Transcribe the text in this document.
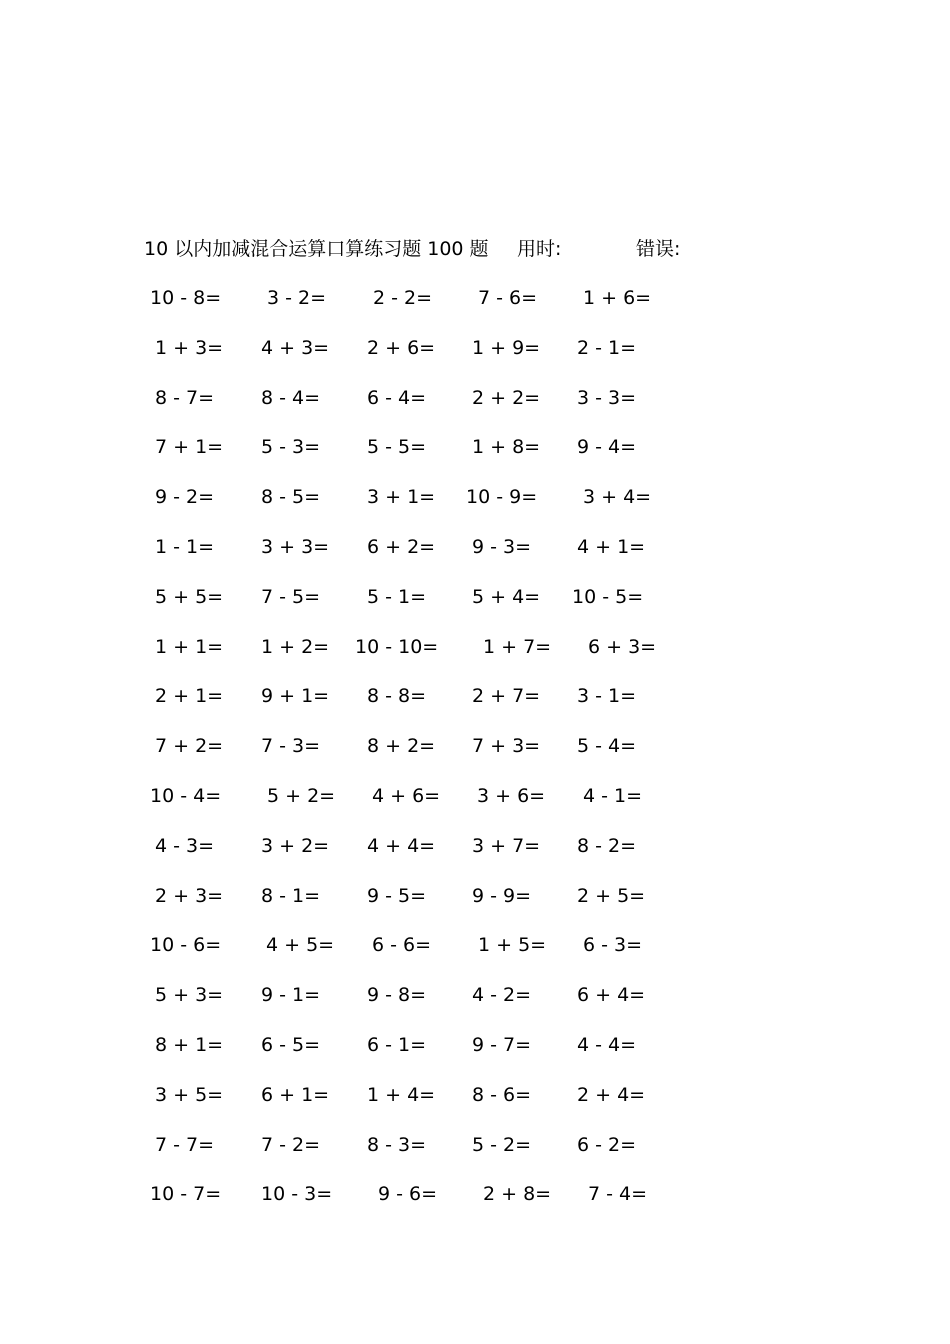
10 以内加减混合运算口算练习题 100 题 用时:	错误:
10 - 8= 3 - 2= 2 - 2= 7 - 6= 1 + 6=
1 + 3= 4 + 3= 2 + 6= 1 + 9= 2 - 1=
8 - 7= 8 - 4= 6 - 4= 2 + 2= 3 - 3=
7 + 1= 5 - 3= 5 - 5= 1 + 8= 9 - 4=
9 - 2= 8 - 5= 3 + 1= 10 - 9= 3 + 4=
1 - 1= 3 + 3= 6 + 2= 9 - 3= 4 + 1=
5 + 5= 7 - 5= 5 - 1= 5 + 4= 10 - 5=
1 + 1= 1 + 2= 10 - 10= 1 + 7= 6 + 3=
2 + 1= 9 + 1= 8 - 8= 2 + 7= 3 - 1=
7 + 2= 7 - 3= 8 + 2= 7 + 3= 5 - 4=
10 - 4= 5 + 2= 4 + 6= 3 + 6= 4 - 1=
4 - 3= 3 + 2= 4 + 4= 3 + 7= 8 - 2=
2 + 3= 8 - 1= 9 - 5= 9 - 9= 2 + 5=
10 - 6= 4 + 5= 6 - 6= 1 + 5= 6 - 3=
5 + 3= 9 - 1= 9 - 8= 4 - 2= 6 + 4=
8 + 1= 6 - 5= 6 - 1= 9 - 7= 4 - 4=
3 + 5= 6 + 1= 1 + 4= 8 - 6= 2 + 4=
7 - 7= 7 - 2= 8 - 3= 5 - 2= 6 - 2=
10 - 7= 10 - 3= 9 - 6= 2 + 8= 7 - 4=
